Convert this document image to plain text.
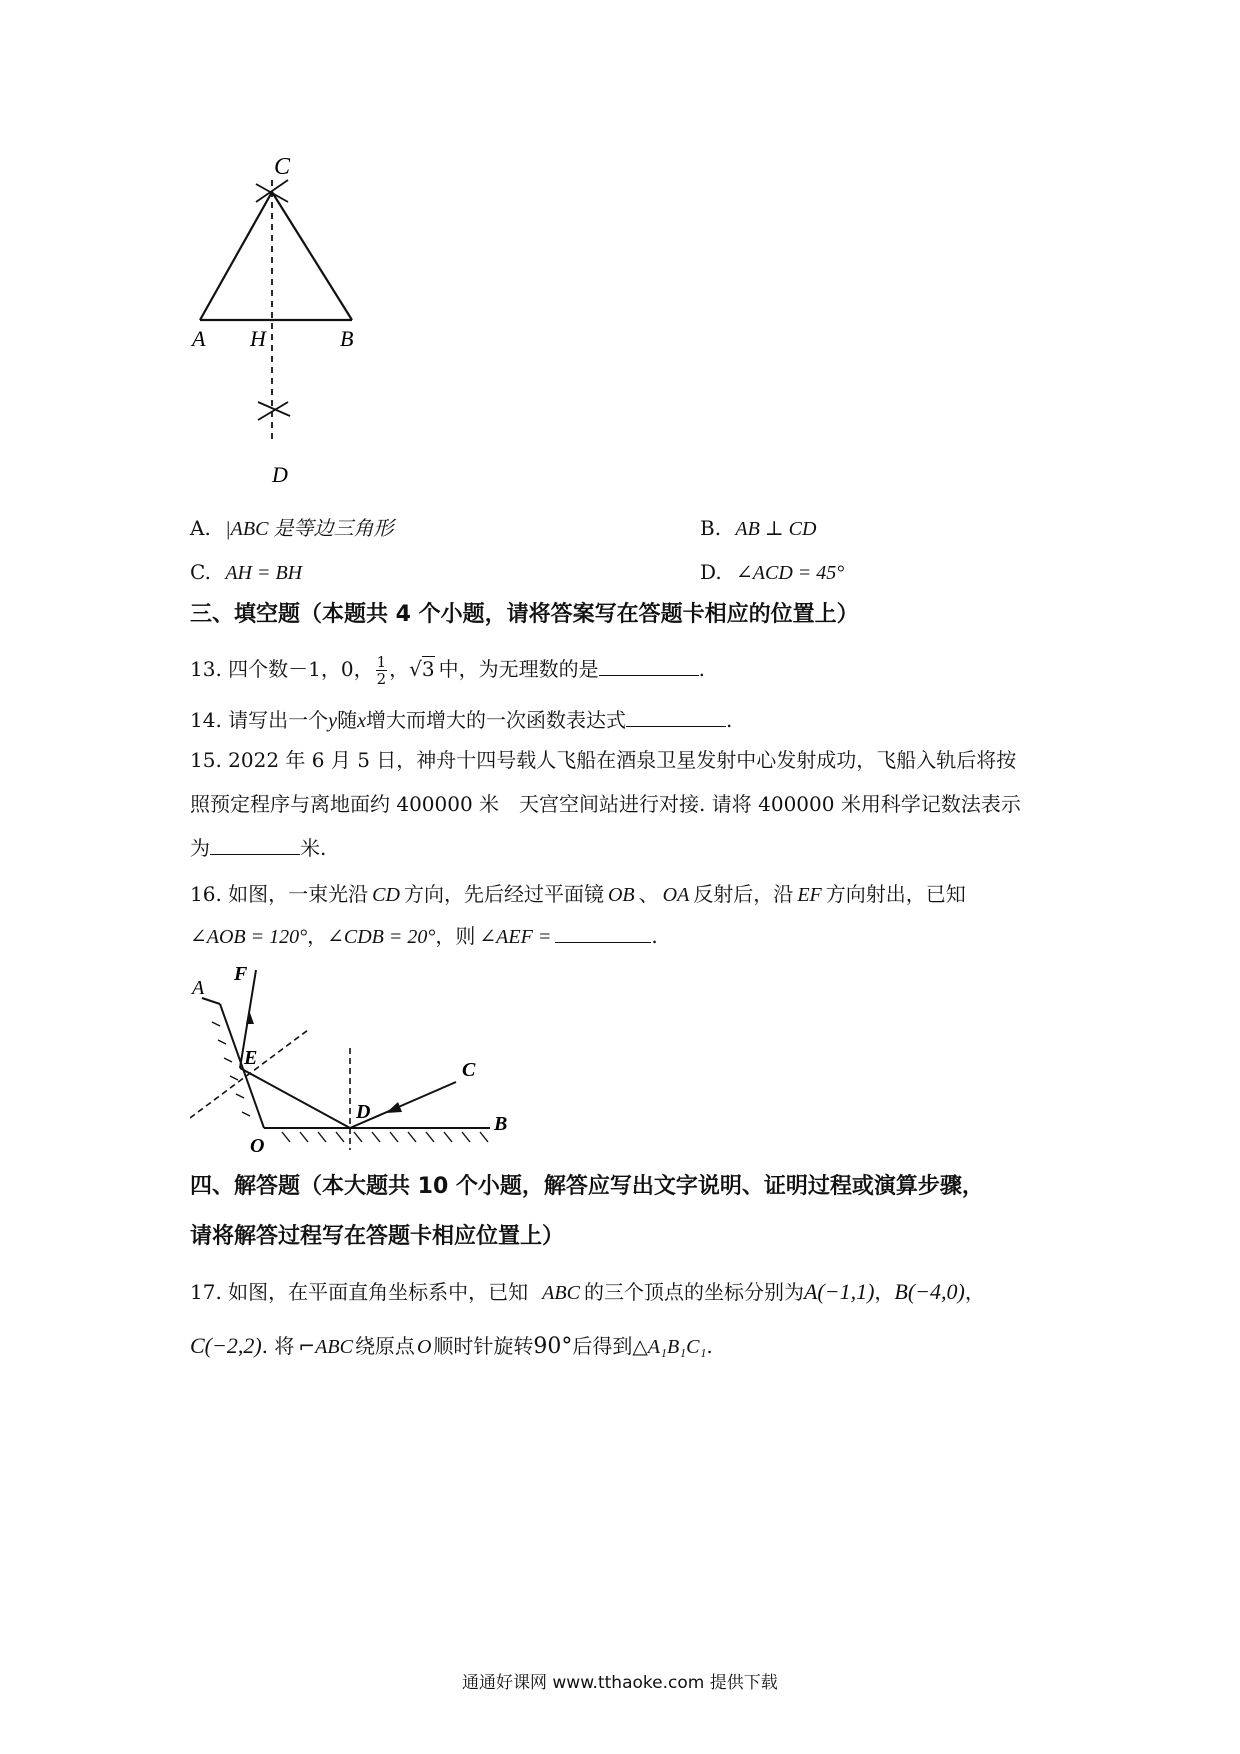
C
A H	B
D
A. |ABC 是等边三角形	B. AB ⊥ CD
C. AH = BH	D. ∠ACD = 45°
三、填空题（本题共 4 个小题，请将答案写在答题卡相应的位置上）
13. 四个数－1，0， $\frac{1}{2}$ ，√3 中，为无理数的是	.
14. 请写出一个y随x增大而增大的一次函数表达式	.
15. 2022 年 6 月 5 日，神舟十四号载人飞船在酒泉卫星发射中心发射成功，飞船入轨后将按
照预定程序与离地面约 400000 米　天宫空间站进行对接. 请将 400000 米用科学记数法表示
为	米.
16. 如图，一束光沿 CD 方向，先后经过平面镜 OB 、 OA 反射后，沿 EF 方向射出，已知
∠AOB = 120°，∠CDB = 20°，则 ∠AEF =	.
A
F
E
C
D
B
O
四、解答题（本大题共 10 个小题，解答应写出文字说明、证明过程或演算步骤，
请将解答过程写在答题卡相应位置上）
17. 如图，在平面直角坐标系中，已知 ABC 的三个顶点的坐标分别为A(−1,1)，B(−4,0)，
C(−2,2). 将 ⌐ABC 绕原点 O 顺时针旋转90°后得到△A₁B₁C₁.
通通好课网 www.tthaoke.com 提供下载
